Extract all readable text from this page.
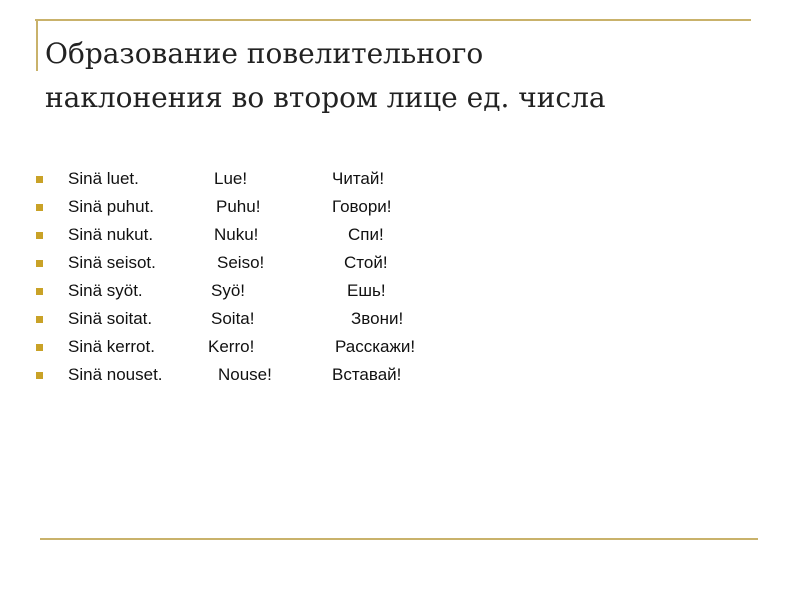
Образование повелительного
наклонения во втором лице ед. числа
Sinä luet.	Lue!	Читай!
Sinä puhut.	Puhu!	Говори!
Sinä nukut.	Nuku!	Спи!
Sinä seisot.	Seiso!	Стой!
Sinä syöt.	Syö!	Ешь!
Sinä soitat.	Soita!	Звони!
Sinä kerrot.	Kerro!	Расскажи!
Sinä nouset.	Nouse!	Вставай!
